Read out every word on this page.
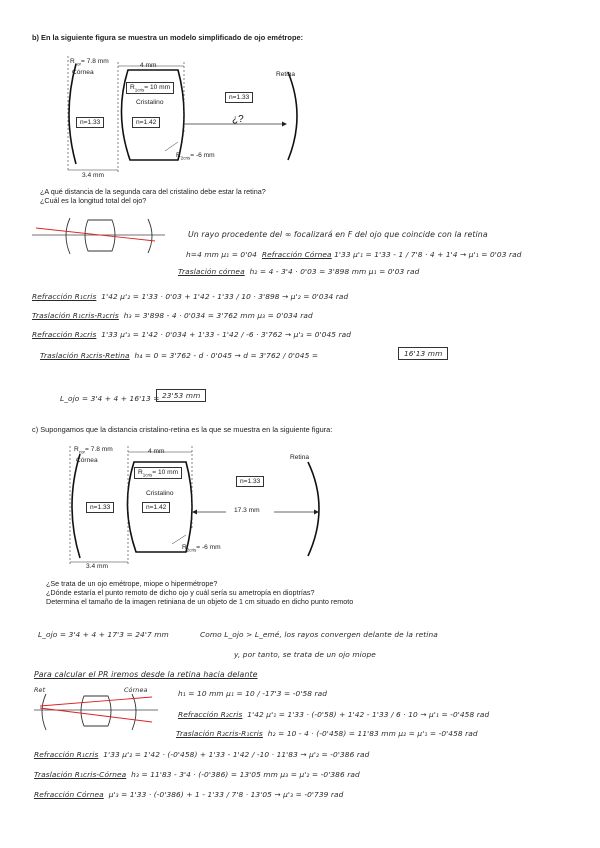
b) En la siguiente figura se muestra un modelo simplificado de ojo emétrope:
$R_{cor}= 7.8$ mm
Córnea
4 mm
$R_{1cris}= 10$ mm
Cristalino
n=1.33	n=1.42
n=1.33
Retina
¿?
$R_{2cris}= -6$ mm
3.4 mm
¿A qué distancia de la segunda cara del cristalino debe estar la retina?
¿Cuál es la longitud total del ojo?
Un rayo procedente del ∞ focalizará en F del ojo que coincide con la retina
h=4 mm μ₁ = 0'04 Refracción Córnea 1'33 μ'₁ = 1'33 - 1 / 7'8 · 4 + 1'4 → μ'₁ = 0'03 rad
Traslación córnea h₂ = 4 - 3'4 · 0'03 = 3'898 mm μ₁ = 0'03 rad
Refracción R₁cris 1'42 μ'₂ = 1'33 · 0'03 + 1'42 - 1'33 / 10 · 3'898 → μ'₂ = 0'034 rad
Traslación R₁cris-R₂cris h₃ = 3'898 - 4 · 0'034 = 3'762 mm μ₃ = 0'034 rad
Refracción R₂cris 1'33 μ'₃ = 1'42 · 0'034 + 1'33 - 1'42 / -6 · 3'762 → μ'₃ = 0'045 rad
Traslación R₂cris-Retina h₄ = 0 = 3'762 - d · 0'045 → d = 3'762 / 0'045 =	16'13 mm
L_ojo = 3'4 + 4 + 16'13 = 23'53 mm
c) Supongamos que la distancia cristalino-retina es la que se muestra en la siguiente figura:
$R_{cor}= 7.8$ mm
Córnea
4 mm
$R_{1cris}= 10$ mm
Cristalino
n=1.33	n=1.42
n=1.33
Retina
17.3 mm
$R_{2cris}= -6$ mm
3.4 mm
¿Se trata de un ojo emétrope, miope o hipermétrope?
¿Dónde estaría el punto remoto de dicho ojo y cuál sería su ametropía en dioptrías?
Determina el tamaño de la imagen retiniana de un objeto de 1 cm situado en dicho punto remoto
L_ojo = 3'4 + 4 + 17'3 = 24'7 mm	Como L_ojo > L_emé, los rayos convergen delante de la retina
y, por tanto, se trata de un ojo miope
Para calcular el PR iremos desde la retina hacia delante
Ret	Córnea	h₁ = 10 mm μ₁ = 10 / -17'3 = -0'58 rad
Refracción R₂cris 1'42 μ'₁ = 1'33 · (-0'58) + 1'42 - 1'33 / 6 · 10 → μ'₁ = -0'458 rad
Traslación R₂cris-R₁cris h₂ = 10 - 4 · (-0'458) = 11'83 mm μ₂ = μ'₁ = -0'458 rad
Refracción R₁cris 1'33 μ'₂ = 1'42 · (-0'458) + 1'33 - 1'42 / -10 · 11'83 → μ'₂ = -0'386 rad
Traslación R₁cris-Córnea h₃ = 11'83 - 3'4 · (-0'386) = 13'05 mm μ₃ = μ'₂ = -0'386 rad
Refracción Córnea μ'₃ = 1'33 · (-0'386) + 1 - 1'33 / 7'8 · 13'05 → μ'₃ = -0'739 rad
